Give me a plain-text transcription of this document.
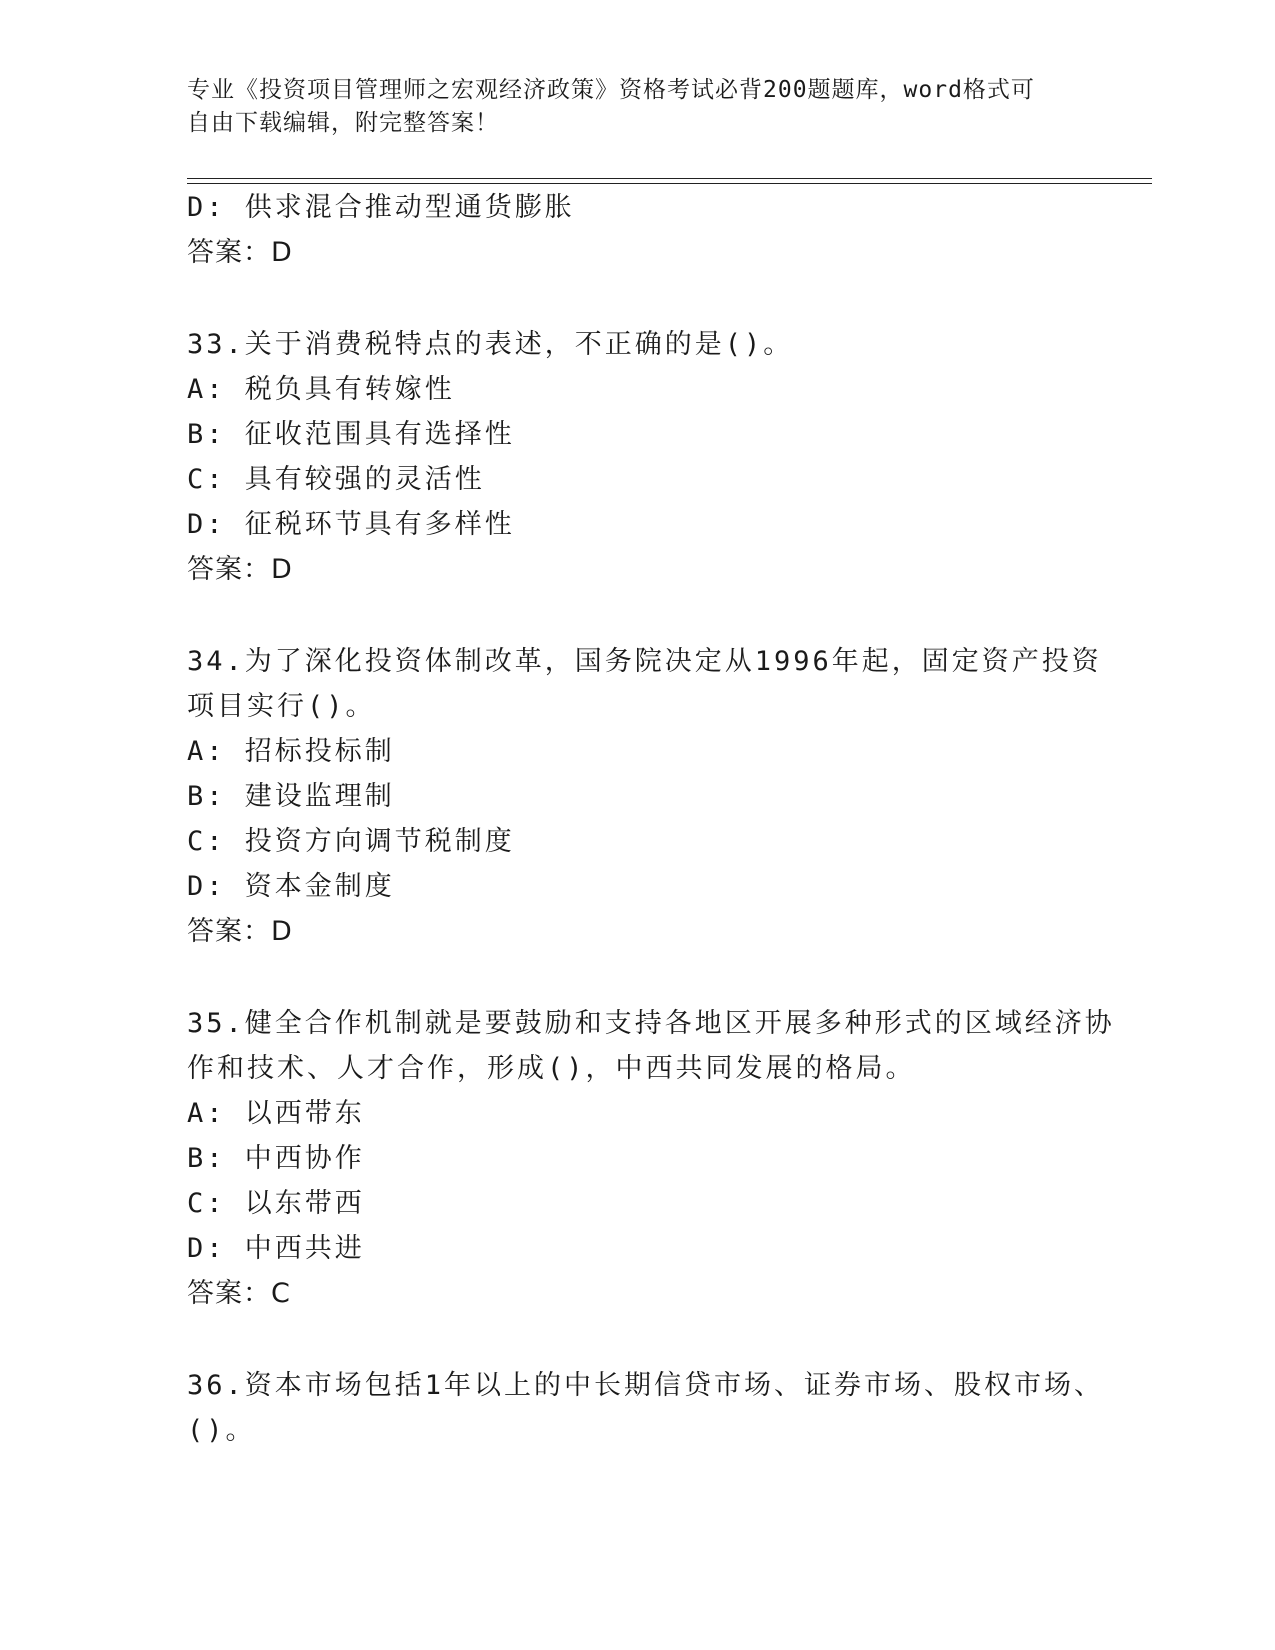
专业《投资项目管理师之宏观经济政策》资格考试必背200题题库，word格式可
自由下载编辑，附完整答案！
D: 供求混合推动型通货膨胀
答案：D
33.关于消费税特点的表述，不正确的是()。
A: 税负具有转嫁性
B: 征收范围具有选择性
C: 具有较强的灵活性
D: 征税环节具有多样性
答案：D
34.为了深化投资体制改革，国务院决定从1996年起，固定资产投资
项目实行()。
A: 招标投标制
B: 建设监理制
C: 投资方向调节税制度
D: 资本金制度
答案：D
35.健全合作机制就是要鼓励和支持各地区开展多种形式的区域经济协
作和技术、人才合作，形成()，中西共同发展的格局。
A: 以西带东
B: 中西协作
C: 以东带西
D: 中西共进
答案：C
36.资本市场包括1年以上的中长期信贷市场、证券市场、股权市场、
()。
